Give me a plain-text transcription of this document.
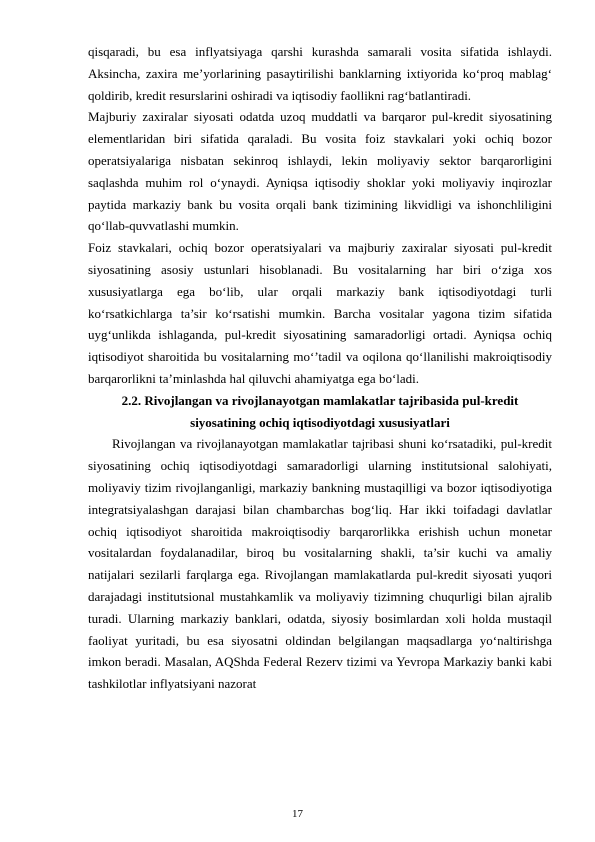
qisqaradi, bu esa inflyatsiyaga qarshi kurashda samarali vosita sifatida ishlaydi. Aksincha, zaxira me’yorlarining pasaytirilishi banklarning ixtiyorida ko‘proq mablag‘ qoldirib, kredit resurslarini oshiradi va iqtisodiy faollikni rag‘batlantiradi.

Majburiy zaxiralar siyosati odatda uzoq muddatli va barqaror pul-kredit siyosatining elementlaridan biri sifatida qaraladi. Bu vosita foiz stavkalari yoki ochiq bozor operatsiyalariga nisbatan sekinroq ishlaydi, lekin moliyaviy sektor barqarorligini saqlashda muhim rol o‘ynaydi. Ayniqsa iqtisodiy shoklar yoki moliyaviy inqirozlar paytida markaziy bank bu vosita orqali bank tizimining likvidligi va ishonchliligini qo‘llab-quvvatlashi mumkin.

Foiz stavkalari, ochiq bozor operatsiyalari va majburiy zaxiralar siyosati pul-kredit siyosatining asosiy ustunlari hisoblanadi. Bu vositalarning har biri o‘ziga xos xususiyatlarga ega bo‘lib, ular orqali markaziy bank iqtisodiyotdagi turli ko‘rsatkichlarga ta’sir ko‘rsatishi mumkin. Barcha vositalar yagona tizim sifatida uyg‘unlikda ishlaganda, pul-kredit siyosatining samaradorligi ortadi. Ayniqsa ochiq iqtisodiyot sharoitida bu vositalarning mo‘’tadil va oqilona qo‘llanilishi makroiqtisodiy barqarorlikni ta’minlashda hal qiluvchi ahamiyatga ega bo‘ladi.

2.2. Rivojlangan va rivojlanayotgan mamlakatlar tajribasida pul-kredit

siyosatining ochiq iqtisodiyotdagi xususiyatlari

Rivojlangan va rivojlanayotgan mamlakatlar tajribasi shuni ko‘rsatadiki, pul-kredit siyosatining ochiq iqtisodiyotdagi samaradorligi ularning institutsional salohiyati, moliyaviy tizim rivojlanganligi, markaziy bankning mustaqilligi va bozor iqtisodiyotiga integratsiyalashgan darajasi bilan chambarchas bog‘liq. Har ikki toifadagi davlatlar ochiq iqtisodiyot sharoitida makroiqtisodiy barqarorlikka erishish uchun monetar vositalardan foydalanadilar, biroq bu vositalarning shakli, ta’sir kuchi va amaliy natijalari sezilarli farqlarga ega. Rivojlangan mamlakatlarda pul-kredit siyosati yuqori darajadagi institutsional mustahkamlik va moliyaviy tizimning chuqurligi bilan ajralib turadi. Ularning markaziy banklari, odatda, siyosiy bosimlardan xoli holda mustaqil faoliyat yuritadi, bu esa siyosatni oldindan belgilangan maqsadlarga yo‘naltirishga imkon beradi. Masalan, AQShda Federal Rezerv tizimi va Yevropa Markaziy banki kabi tashkilotlar inflyatsiyani nazorat

17
